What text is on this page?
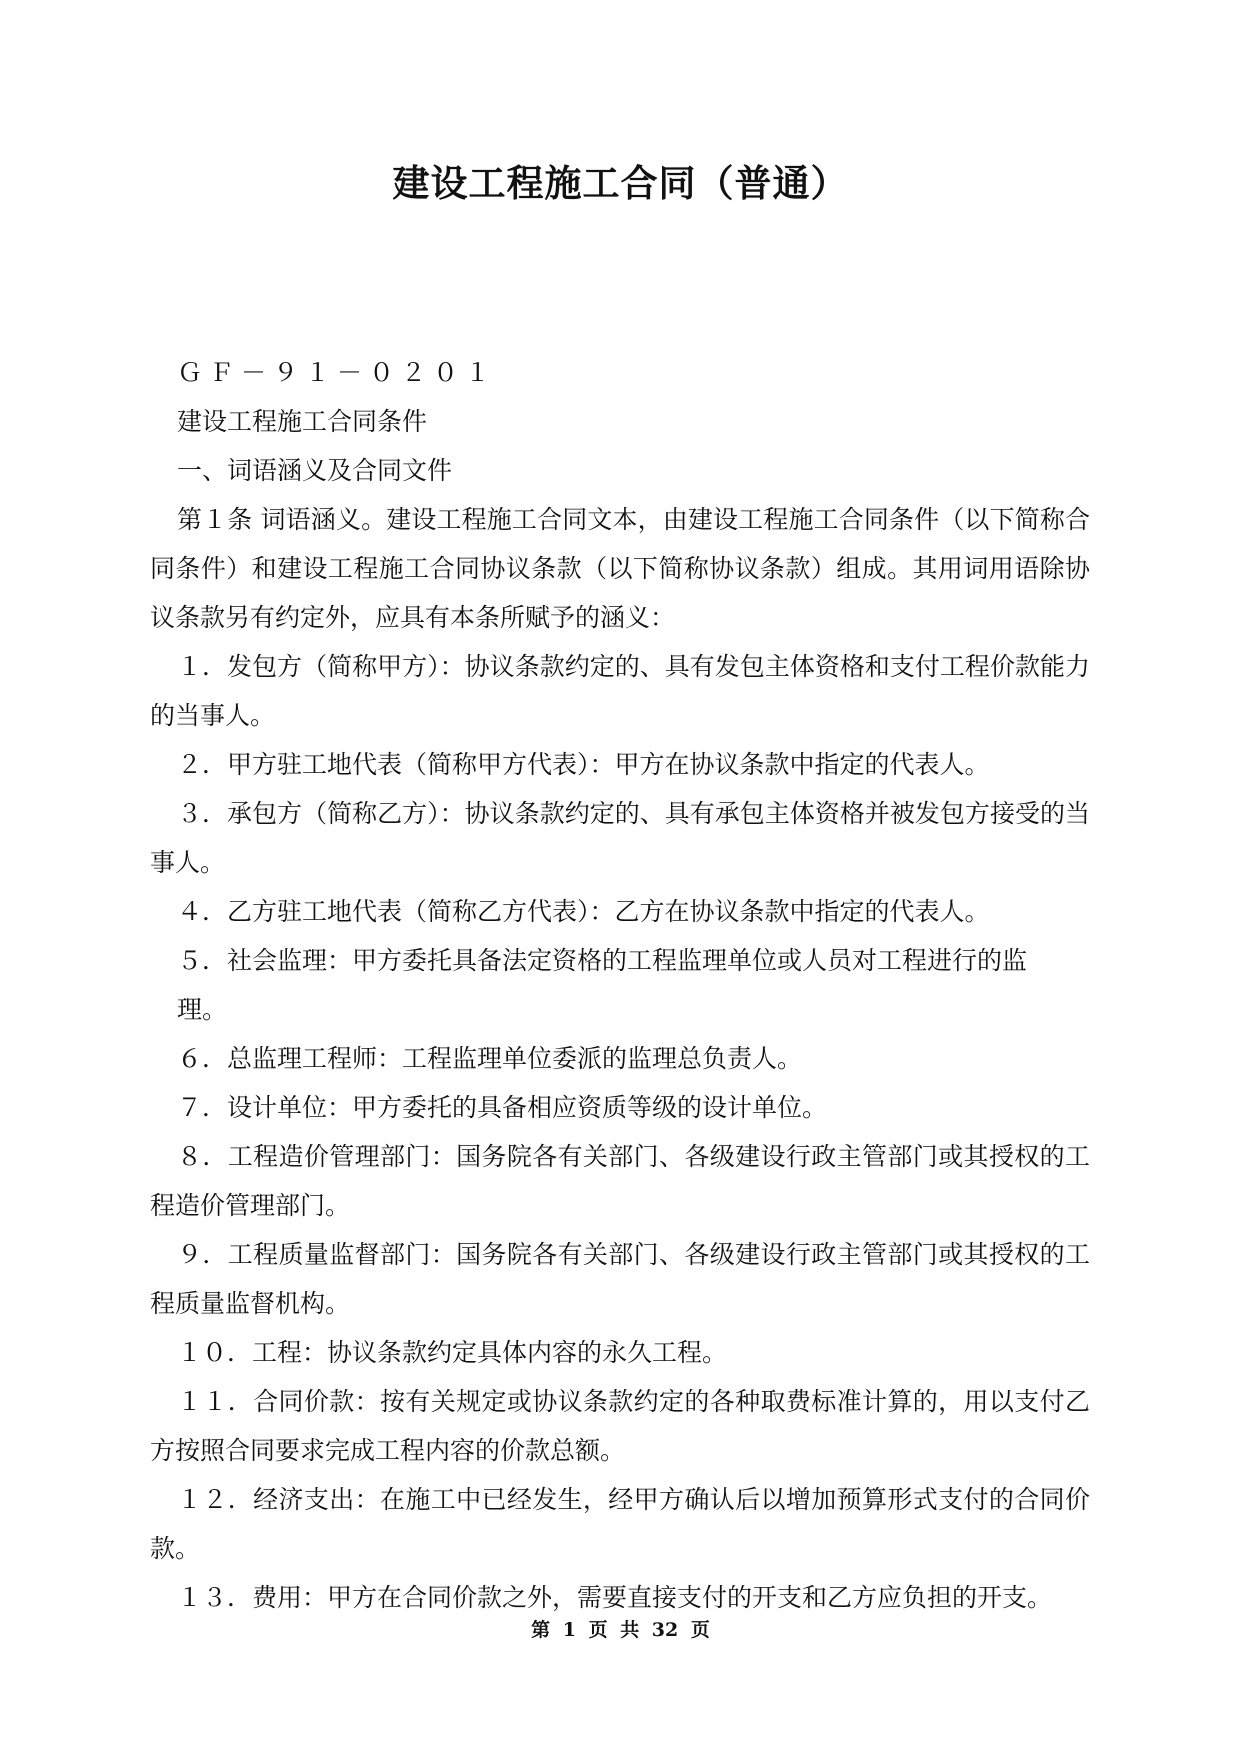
建设工程施工合同（普通）

ＧＦ－９１－０２０１

建设工程施工合同条件

一、词语涵义及合同文件

第１条 词语涵义。建设工程施工合同文本，由建设工程施工合同条件（以下简称合同条件）和建设工程施工合同协议条款（以下简称协议条款）组成。其用词用语除协议条款另有约定外，应具有本条所赋予的涵义：

１．发包方（简称甲方）：协议条款约定的、具有发包主体资格和支付工程价款能力的当事人。

２．甲方驻工地代表（简称甲方代表）：甲方在协议条款中指定的代表人。

３．承包方（简称乙方）：协议条款约定的、具有承包主体资格并被发包方接受的当事人。

４．乙方驻工地代表（简称乙方代表）：乙方在协议条款中指定的代表人。

５．社会监理：甲方委托具备法定资格的工程监理单位或人员对工程进行的监

理。

６．总监理工程师：工程监理单位委派的监理总负责人。

７．设计单位：甲方委托的具备相应资质等级的设计单位。

８．工程造价管理部门：国务院各有关部门、各级建设行政主管部门或其授权的工程造价管理部门。

９．工程质量监督部门：国务院各有关部门、各级建设行政主管部门或其授权的工程质量监督机构。

１０．工程：协议条款约定具体内容的永久工程。

１１．合同价款：按有关规定或协议条款约定的各种取费标准计算的，用以支付乙方按照合同要求完成工程内容的价款总额。

１２．经济支出：在施工中已经发生，经甲方确认后以增加预算形式支付的合同价款。

１３．费用：甲方在合同价款之外，需要直接支付的开支和乙方应负担的开支。

第 1 页 共 32 页
